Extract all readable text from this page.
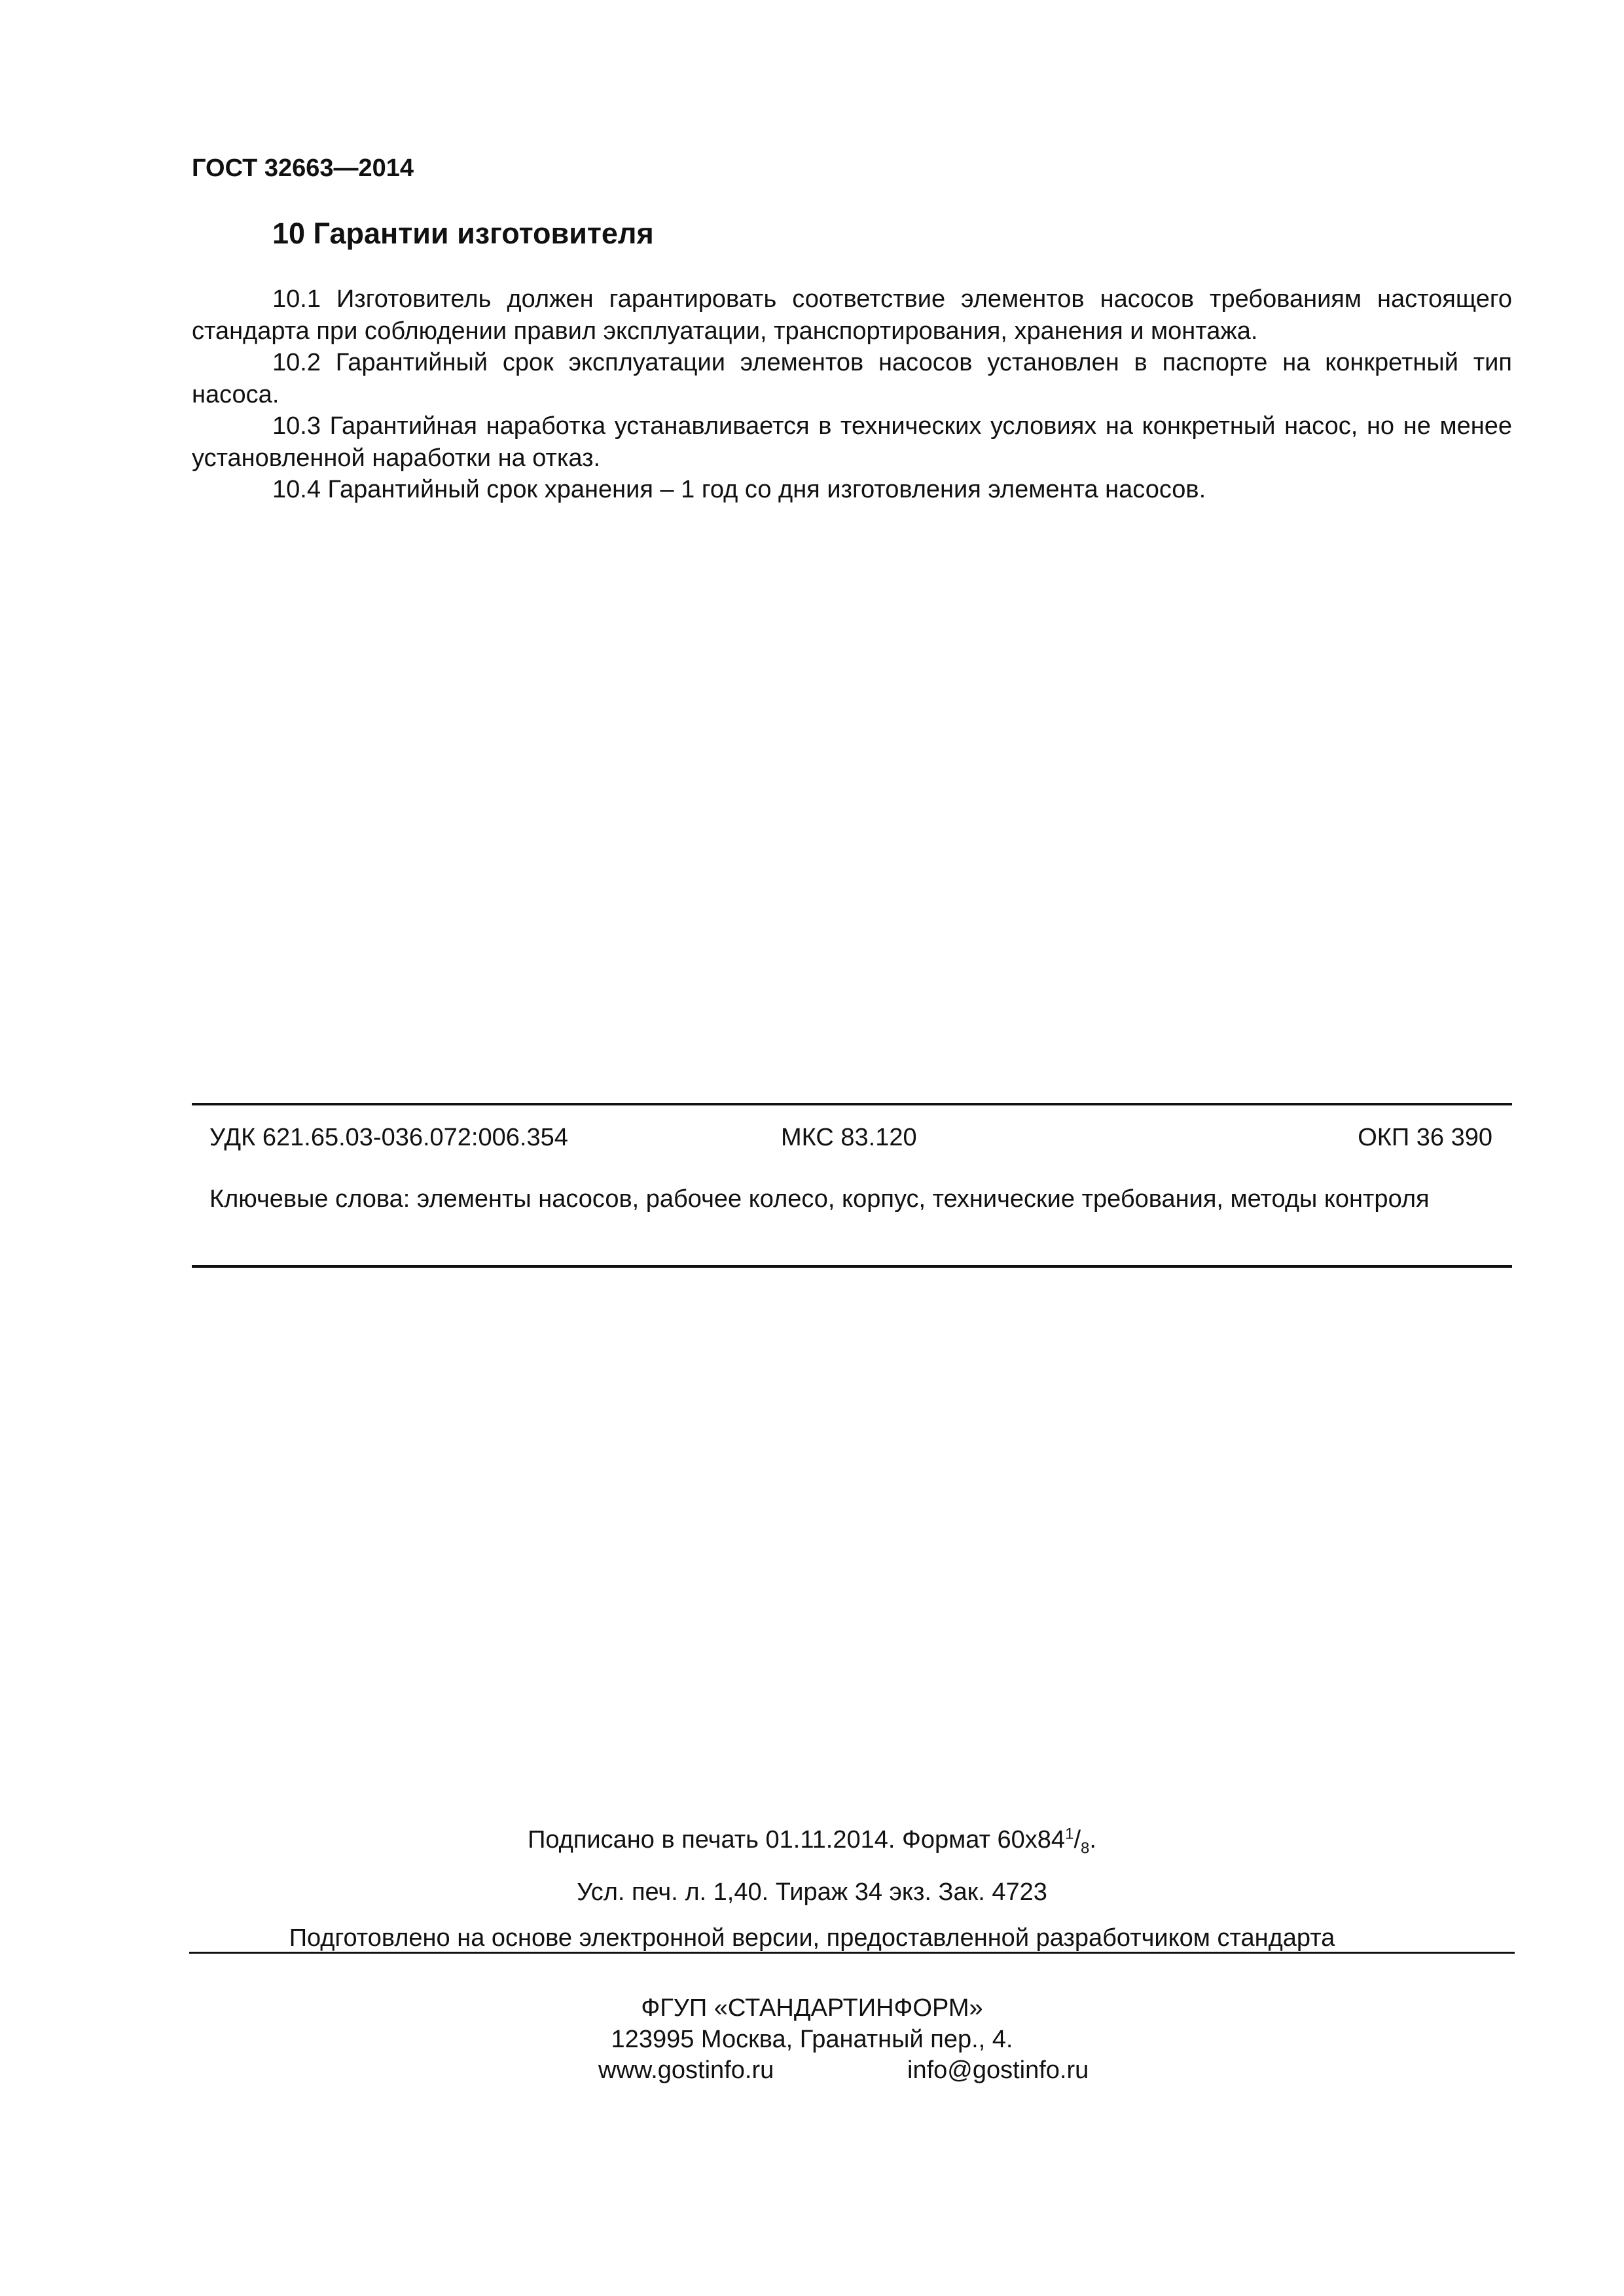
ГОСТ 32663—2014
10 Гарантии изготовителя

10.1 Изготовитель должен гарантировать соответствие элементов насосов требованиям настоящего стандарта при соблюдении правил эксплуатации, транспортирования, хранения и монтажа.

10.2 Гарантийный срок эксплуатации элементов насосов установлен в паспорте на конкретный тип насоса.

10.3 Гарантийная наработка устанавливается в технических условиях на конкретный насос, но не менее установленной наработки на отказ.

10.4 Гарантийный срок хранения – 1 год со дня изготовления элемента насосов.

УДК 621.65.03-036.072:006.354	МКС 83.120	ОКП 36 390
Ключевые слова: элементы насосов, рабочее колесо, корпус, технические требования, методы контроля
Подписано в печать 01.11.2014. Формат $60х84^1/_8$.
Усл. печ. л. 1,40. Тираж 34 экз. Зак. 4723
Подготовлено на основе электронной версии, предоставленной разработчиком стандарта
ФГУП «СТАНДАРТИНФОРМ»
123995 Москва, Гранатный пер., 4.
www.gostinfo.ru	info@gostinfo.ru
